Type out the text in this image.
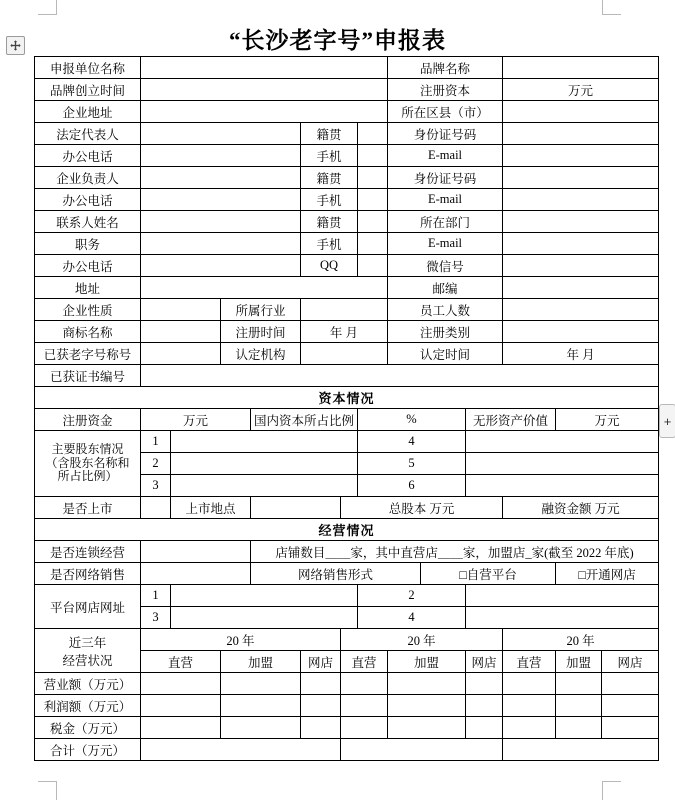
+
“长沙老字号”申报表
申报单位名称								品牌名称					
品牌创立时间								注册资本			万元		
企业地址								所在区县（市）					
法定代表人					籍贯			身份证号码					
办公电话					手机			E-mail					
企业负责人					籍贯			身份证号码					
办公电话					手机			E-mail					
联系人姓名					籍贯			所在部门					
职务					手机			E-mail					
办公电话					QQ			微信号					
地址								邮编					
企业性质			所属行业					员工人数					
商标名称			注册时间		年 月			注册类别					
已获老字号称号			认定机构					认定时间			年 月		
已获证书编号													
资本情况													
注册资金	万元			国内资本所占比例			%			无形资产价值		万元	
主要股东情况
（含股东名称和
所占比例）	1						4						
	2						5						
	3						6						
是否上市		上市地点				总股本 万元					融资金额 万元		
经营情况													
是否连锁经营				店铺数目＿＿家，其中直营店＿＿家，加盟店_家(截至 2022 年底)									
是否网络销售				网络销售形式					□自营平台			□开通网店	
平台网店网址	1						2						
	3						4						
近三年
经营状况	20 年					20 年					20 年		
	直营		加盟		网店	直营		加盟		网店	直营	加盟	网店
营业额（万元）													
利润额（万元）													
税金（万元）													
合计（万元）													
